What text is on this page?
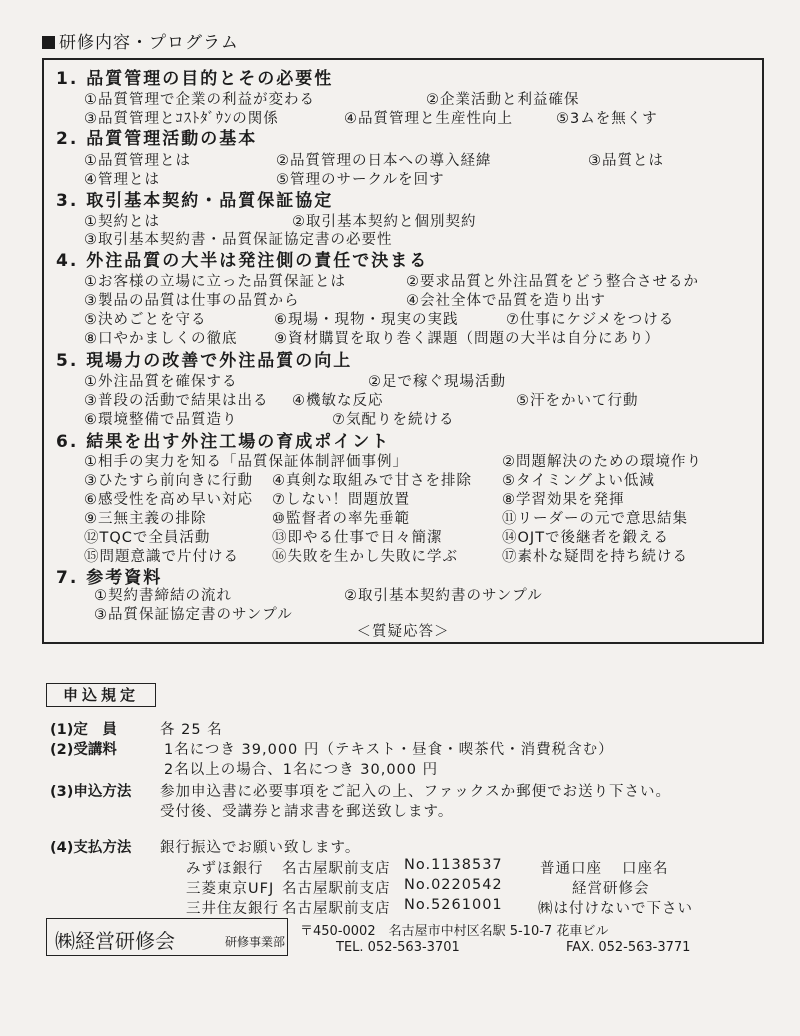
研修内容・プログラム
1. 品質管理の目的とその必要性
①品質管理で企業の利益が変わる	②企業活動と利益確保
③品質管理とｺｽﾄﾀﾞｳﾝの関係	④品質管理と生産性向上	⑤3ムを無くす
2. 品質管理活動の基本
①品質管理とは	②品質管理の日本への導入経緯	③品質とは
④管理とは	⑤管理のサークルを回す
3. 取引基本契約・品質保証協定
①契約とは	②取引基本契約と個別契約
③取引基本契約書・品質保証協定書の必要性
4. 外注品質の大半は発注側の責任で決まる
①お客様の立場に立った品質保証とは	②要求品質と外注品質をどう整合させるか
③製品の品質は仕事の品質から	④会社全体で品質を造り出す
⑤決めごとを守る	⑥現場・現物・現実の実践	⑦仕事にケジメをつける
⑧口やかましくの徹底	⑨資材購買を取り巻く課題（問題の大半は自分にあり）
5. 現場力の改善で外注品質の向上
①外注品質を確保する	②足で稼ぐ現場活動
③普段の活動で結果は出る ④機敏な反応	⑤汗をかいて行動
⑥環境整備で品質造り	⑦気配りを続ける
6. 結果を出す外注工場の育成ポイント
①相手の実力を知る「品質保証体制評価事例」	②問題解決のための環境作り
③ひたすら前向きに行動 ④真剣な取組みで甘さを排除 ⑤タイミングよい低減
⑥感受性を高め早い対応 ⑦しない！問題放置	⑧学習効果を発揮
⑨三無主義の排除	⑩監督者の率先垂範	⑪リーダーの元で意思結集
⑫TQCで全員活動	⑬即やる仕事で日々簡潔	⑭OJTで後継者を鍛える
⑮問題意識で片付ける ⑯失敗を生かし失敗に学ぶ	⑰素朴な疑問を持ち続ける
7. 参考資料
①契約書締結の流れ	②取引基本契約書のサンプル
③品質保証協定書のサンプル
＜質疑応答＞
申込規定
(1)定　員	各 25 名
(2)受講料	1名につき 39,000 円（テキスト・昼食・喫茶代・消費税含む）
2名以上の場合、1名につき 30,000 円
(3)申込方法 参加申込書に必要事項をご記入の上、ファックスか郵便でお送り下さい。
受付後、受講券と請求書を郵送致します。
(4)支払方法 銀行振込でお願い致します。
みずほ銀行 名古屋駅前支店 No.1138537
三菱東京UFJ 名古屋駅前支店 No.0220542
三井住友銀行 名古屋駅前支店 No.5261001
普通口座 口座名
経営研修会
㈱は付けないで下さい
㈱経営研修会	研修事業部
〒450-0002　名古屋市中村区名駅 5-10-7 花車ビル
TEL. 052-563-3701	FAX. 052-563-3771
